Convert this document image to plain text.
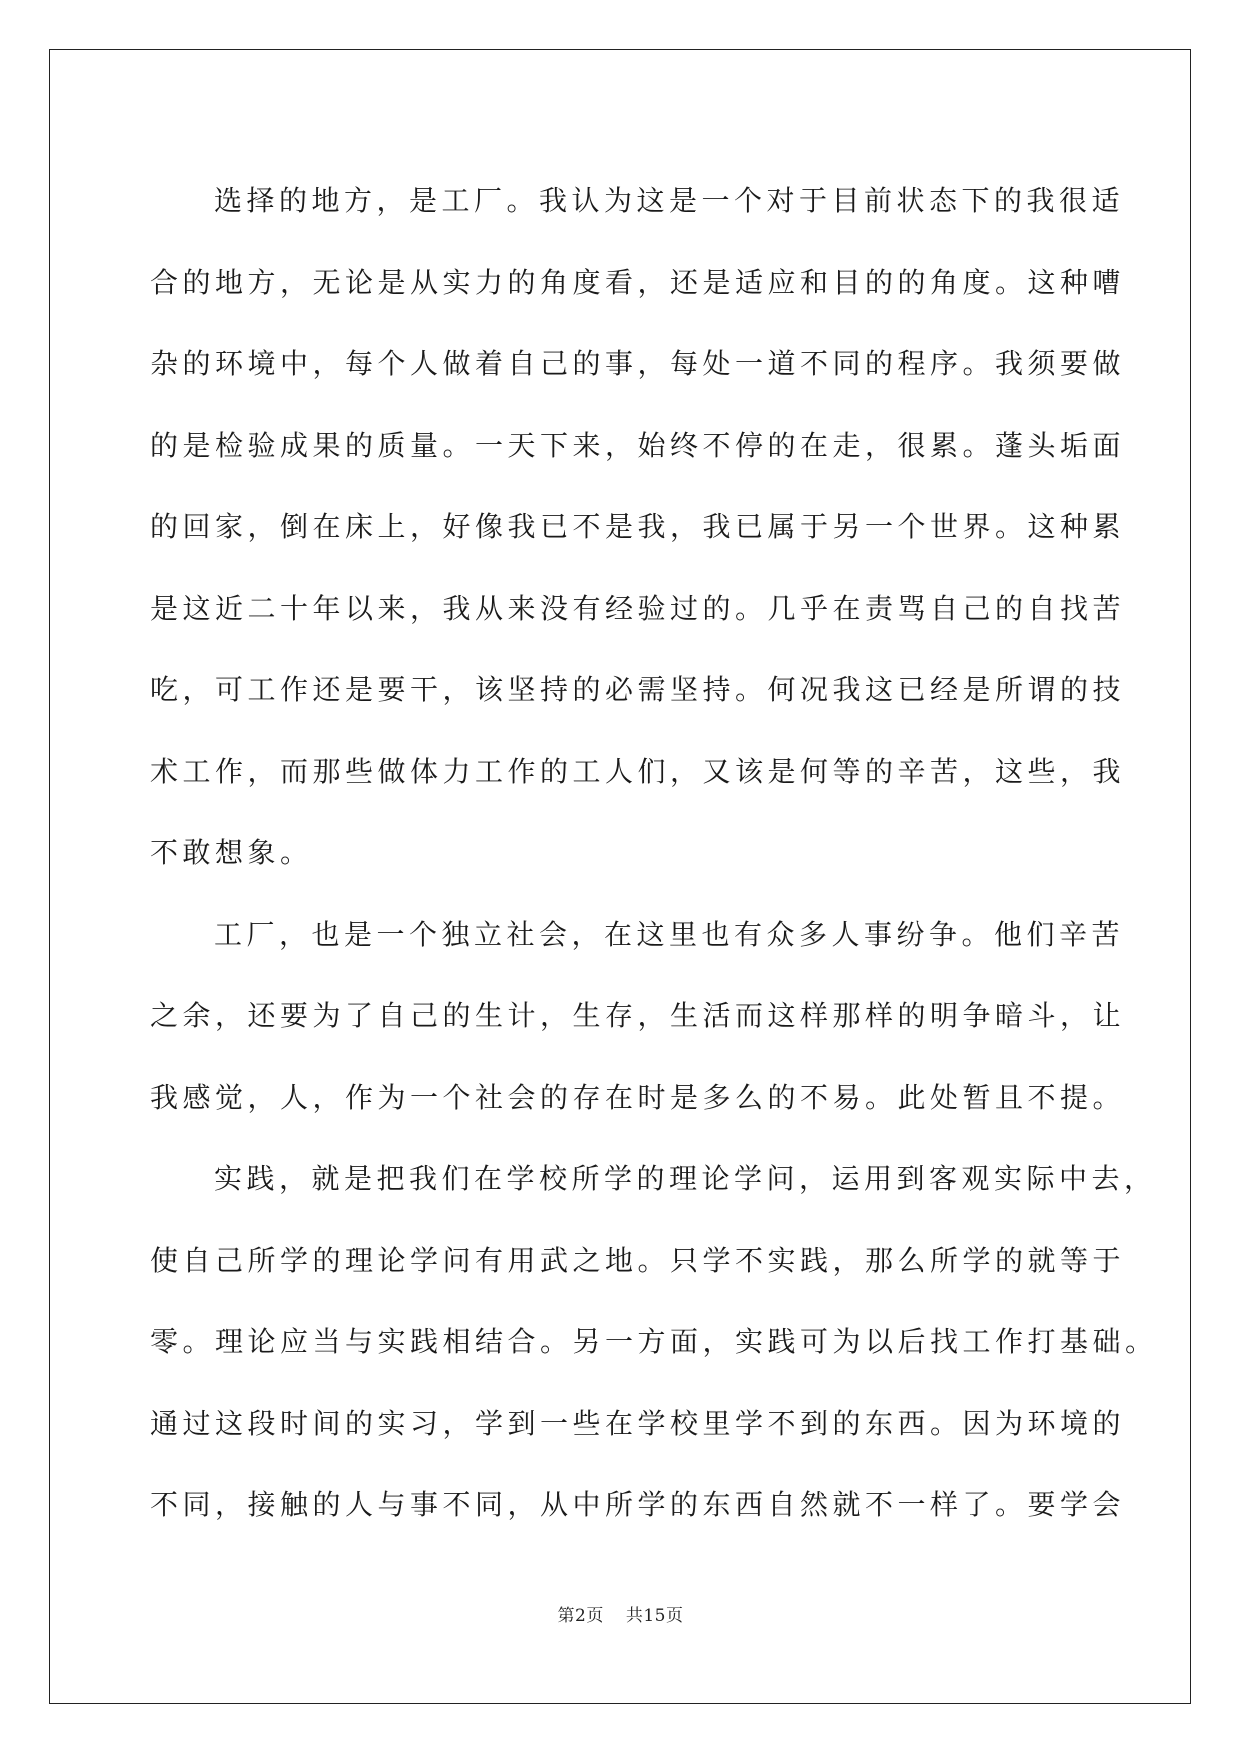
选择的地方，是工厂。我认为这是一个对于目前状态下的我很适
合的地方，无论是从实力的角度看，还是适应和目的的角度。这种嘈
杂的环境中，每个人做着自己的事，每处一道不同的程序。我须要做
的是检验成果的质量。一天下来，始终不停的在走，很累。蓬头垢面
的回家，倒在床上，好像我已不是我，我已属于另一个世界。这种累
是这近二十年以来，我从来没有经验过的。几乎在责骂自己的自找苦
吃，可工作还是要干，该坚持的必需坚持。何况我这已经是所谓的技
术工作，而那些做体力工作的工人们，又该是何等的辛苦，这些，我
不敢想象。

工厂，也是一个独立社会，在这里也有众多人事纷争。他们辛苦
之余，还要为了自己的生计，生存，生活而这样那样的明争暗斗，让
我感觉，人，作为一个社会的存在时是多么的不易。此处暂且不提。

实践，就是把我们在学校所学的理论学问，运用到客观实际中去，
使自己所学的理论学问有用武之地。只学不实践，那么所学的就等于
零。理论应当与实践相结合。另一方面，实践可为以后找工作打基础。
通过这段时间的实习，学到一些在学校里学不到的东西。因为环境的
不同，接触的人与事不同，从中所学的东西自然就不一样了。要学会

第2页 共15页
